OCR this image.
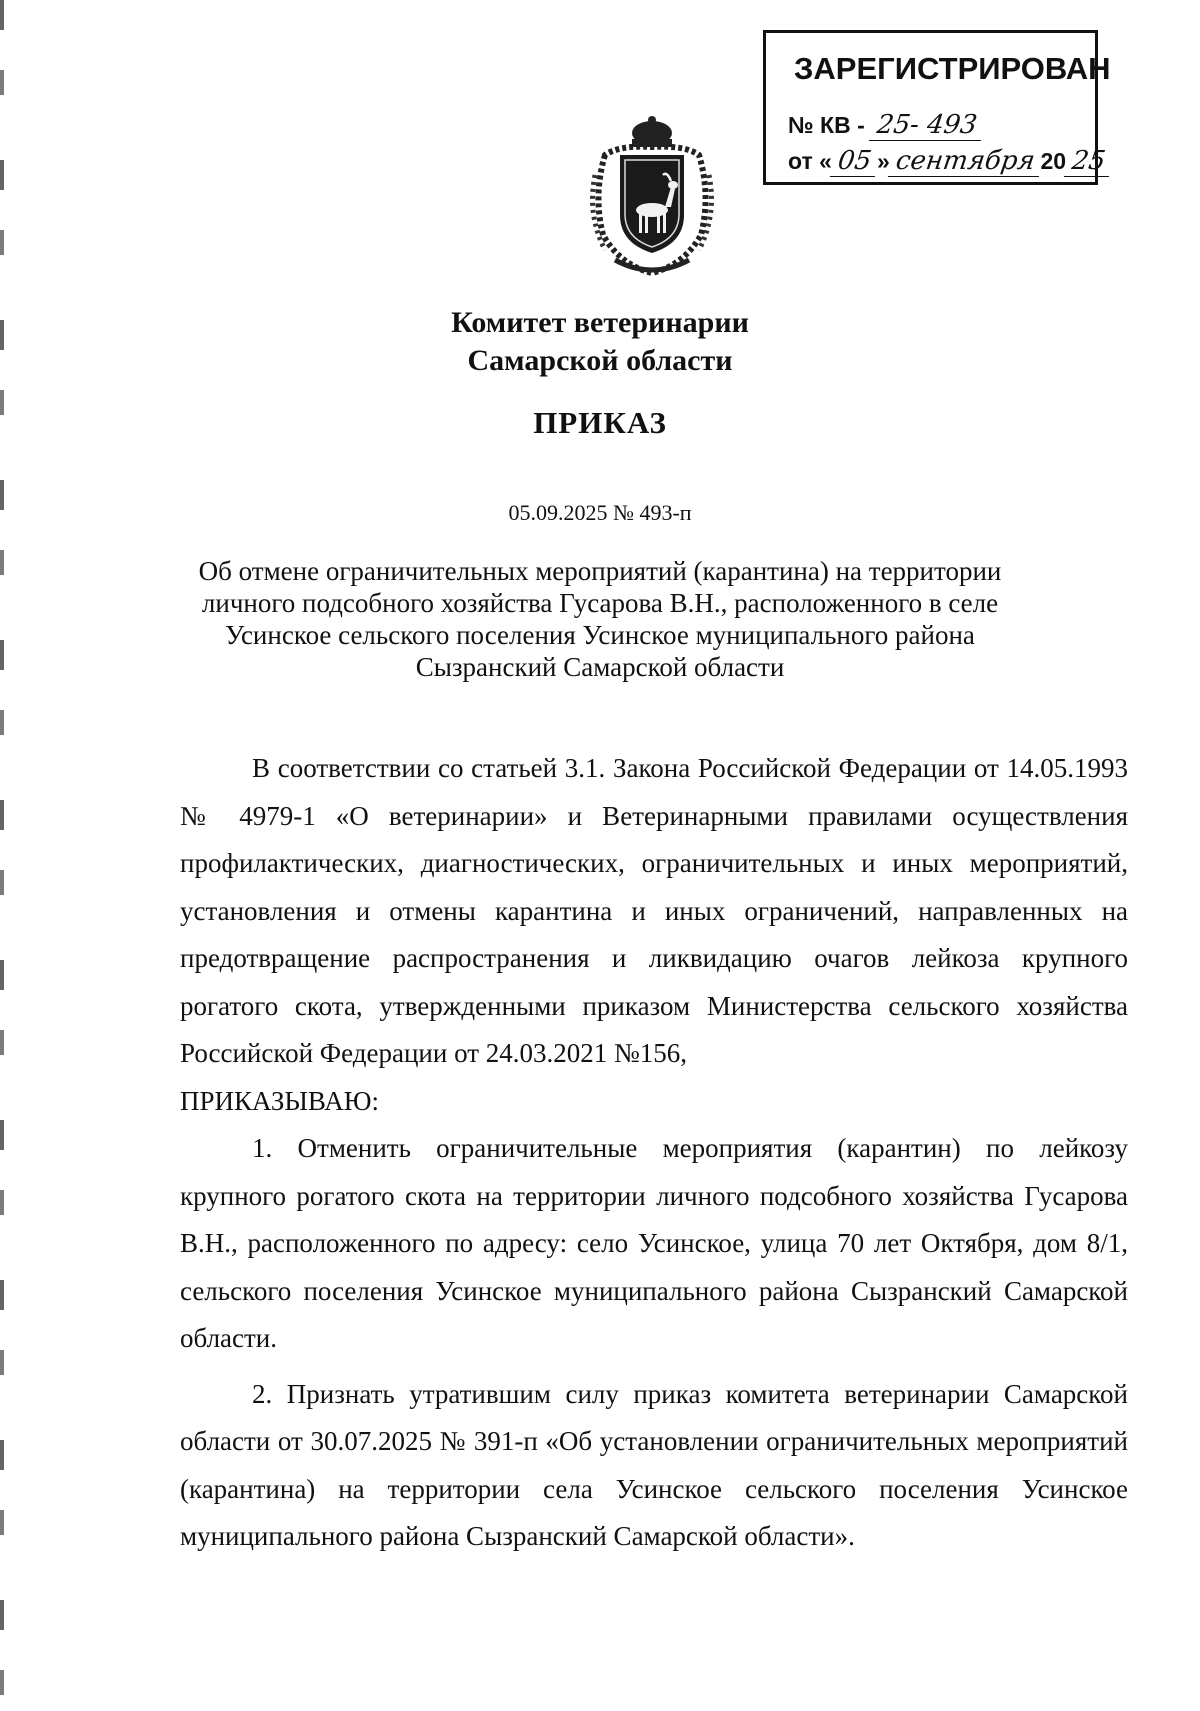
ЗАРЕГИСТРИРОВАН
№ КВ - 25- 493
от « 05 » сентября 20 25
Комитет ветеринарии
Самарской области
ПРИКАЗ
05.09.2025 № 493-п
Об отмене ограничительных мероприятий (карантина) на территории
личного подсобного хозяйства Гусарова В.Н., расположенного в селе
Усинское сельского поселения Усинское муниципального района
Сызранский Самарской области

В соответствии со статьей 3.1. Закона Российской Федерации от 14.05.1993 № 4979-1 «О ветеринарии» и Ветеринарными правилами осуществления профилактических, диагностических, ограничительных и иных мероприятий, установления и отмены карантина и иных ограничений, направленных на предотвращение распространения и ликвидацию очагов лейкоза крупного рогатого скота, утвержденными приказом Министерства сельского хозяйства Российской Федерации от 24.03.2021 №156,

ПРИКАЗЫВАЮ:

1. Отменить ограничительные мероприятия (карантин) по лейкозу крупного рогатого скота на территории личного подсобного хозяйства Гусарова В.Н., расположенного по адресу: село Усинское, улица 70 лет Октября, дом 8/1, сельского поселения Усинское муниципального района Сызранский Самарской области.

2. Признать утратившим силу приказ комитета ветеринарии Самарской области от 30.07.2025 № 391-п «Об установлении ограничительных мероприятий (карантина) на территории села Усинское сельского поселения Усинское муниципального района Сызранский Самарской области».
